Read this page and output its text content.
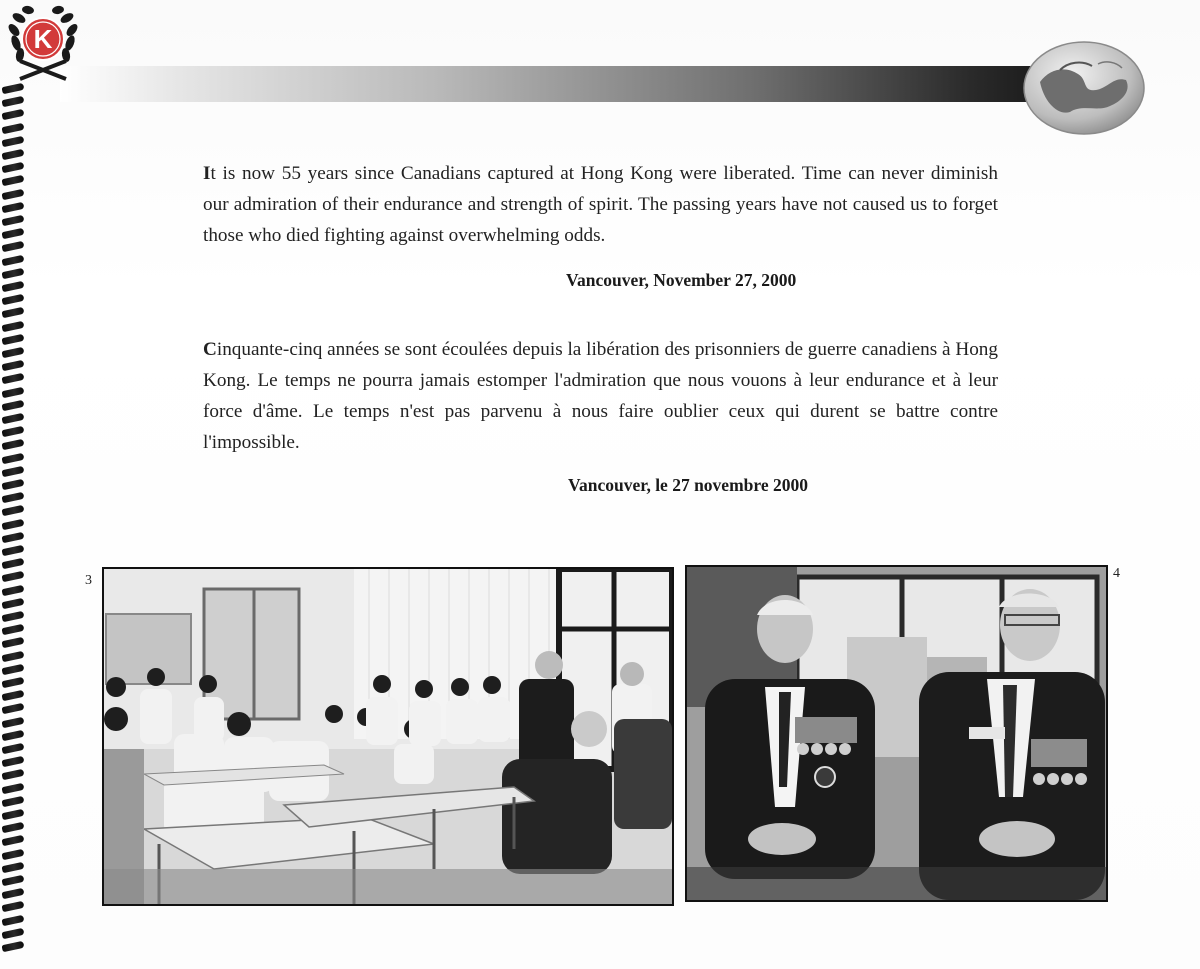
K

It is now 55 years since Canadians captured at Hong Kong were liberated. Time can never diminish our admiration of their endurance and strength of spirit. The passing years have not caused us to forget those who died fighting against overwhelming odds.

Vancouver, November 27, 2000

Cinquante-cinq années se sont écoulées depuis la libération des prisonniers de guerre canadiens à Hong Kong. Le temps ne pourra jamais estomper l'admiration que nous vouons à leur endurance et à leur force d'âme. Le temps n'est pas parvenu à nous faire oublier ceux qui durent se battre contre l'impossible.

Vancouver, le 27 novembre 2000
3	4
